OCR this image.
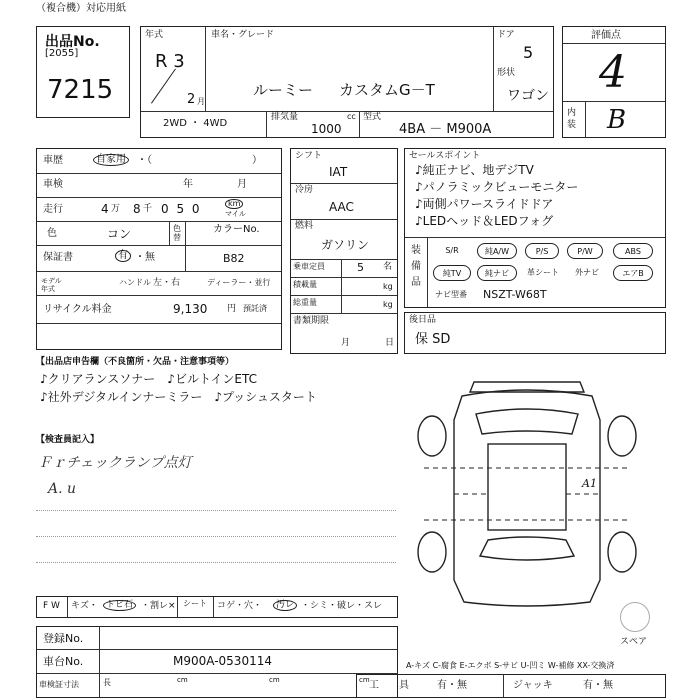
（複合機）対応用紙
出品No.
[2055]
7215
年式
R 3
2 月
車名・グレード
ルーミー カスタムG－T
ドア
5
形状
ワゴン
2WD ・ 4WD
排気量	cc
1000
型式
4BA － M900A
評価点
4
内装 B
車歴	自家用	・（　　　　　　　　　　）
車検	年	月
走行	4 万 8 千 0 5 0	km
マイル
色	コン	色替
カラーNo.
B82
保証書	有 ・無
モデル年式
ハンドル 左・右	ディーラー・並行
リサイクル料金	9,130 円 預託済
シフト
IAT
冷房
AAC
燃料
ガソリン
乗車定員	5 名
積載量	kg
総重量	kg
書類期限
月	日
セールスポイント
♪純正ナビ、地デジTV
♪パノラミックビューモニター
♪両側パワースライドドア
♪LEDヘッド＆LEDフォグ
装備品
S/R	純A/W	P/S	P/W	ABS
純TV	純ナビ	革シート	外ナビ	エアB
ナビ型番 NSZT-W68T
後日品
保 SD
【出品店申告欄（不良箇所・欠品・注意事項等）
♪クリアランスソナー　♪ビルトインETC
♪社外デジタルインナーミラー　♪プッシュスタート
【検査員記入】
Ｆｒチェックランプ点灯
A. u	A1
スペア
F W キズ・ トビ石 ・割レ× シート コゲ・穴・	汚レ ・シミ・破レ・スレ
登録No.
車台No.	M900A-0530114
車検証寸法	長	cm	cm	cm
A-キズ C-腐食 E-エクボ S-サビ U-凹ミ W-補修 XX-交換済
工　　具	有・無	ジャッキ	有・無
